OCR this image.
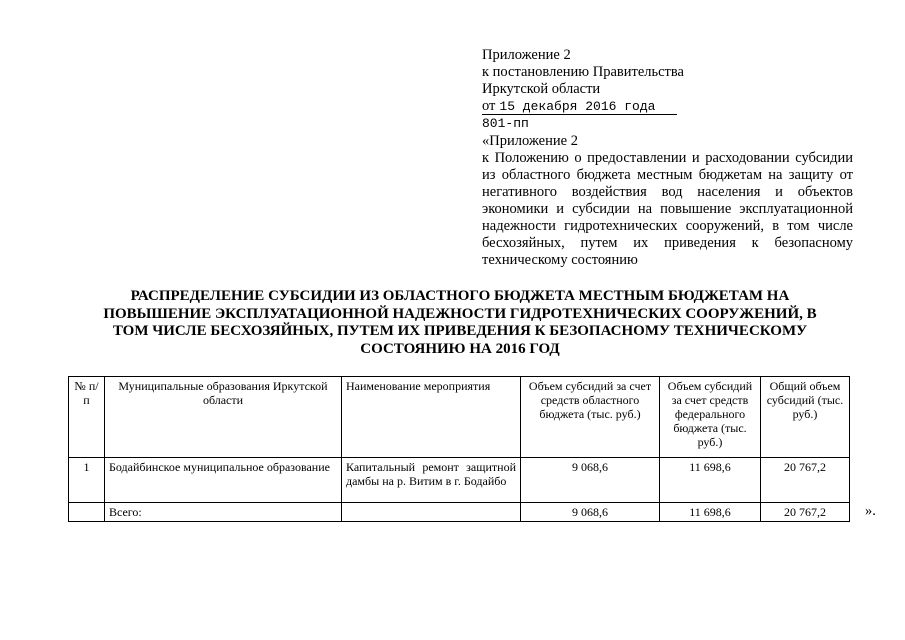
Приложение 2
к постановлению Правительства
Иркутской области
от 15 декабря 2016 года
801-пп
«Приложение 2
к Положению о предоставлении и расходовании субсидии из областного бюджета местным бюджетам на защиту от негативного воздействия вод населения и объектов экономики и субсидии на повышение эксплуатационной надежности гидротехнических сооружений, в том числе бесхозяйных, путем их приведения к безопасному техническому состоянию
РАСПРЕДЕЛЕНИЕ СУБСИДИИ ИЗ ОБЛАСТНОГО БЮДЖЕТА МЕСТНЫМ БЮДЖЕТАМ НА ПОВЫШЕНИЕ ЭКСПЛУАТАЦИОННОЙ НАДЕЖНОСТИ ГИДРОТЕХНИЧЕСКИХ СООРУЖЕНИЙ, В ТОМ ЧИСЛЕ БЕСХОЗЯЙНЫХ, ПУТЕМ ИХ ПРИВЕДЕНИЯ К БЕЗОПАСНОМУ ТЕХНИЧЕСКОМУ СОСТОЯНИЮ НА 2016 ГОД
№ п/п	Муниципальные образования Иркутской области	Наименование мероприятия	Объем субсидий за счет средств областного бюджета (тыс. руб.)	Объем субсидий за счет средств федерального бюджета (тыс. руб.)	Общий объем субсидий (тыс. руб.)
1	Бодайбинское муниципальное образование	Капитальный ремонт защитной дамбы на р. Витим в г. Бодайбо	9 068,6	11 698,6	20 767,2
	Всего:		9 068,6	11 698,6	20 767,2	».
